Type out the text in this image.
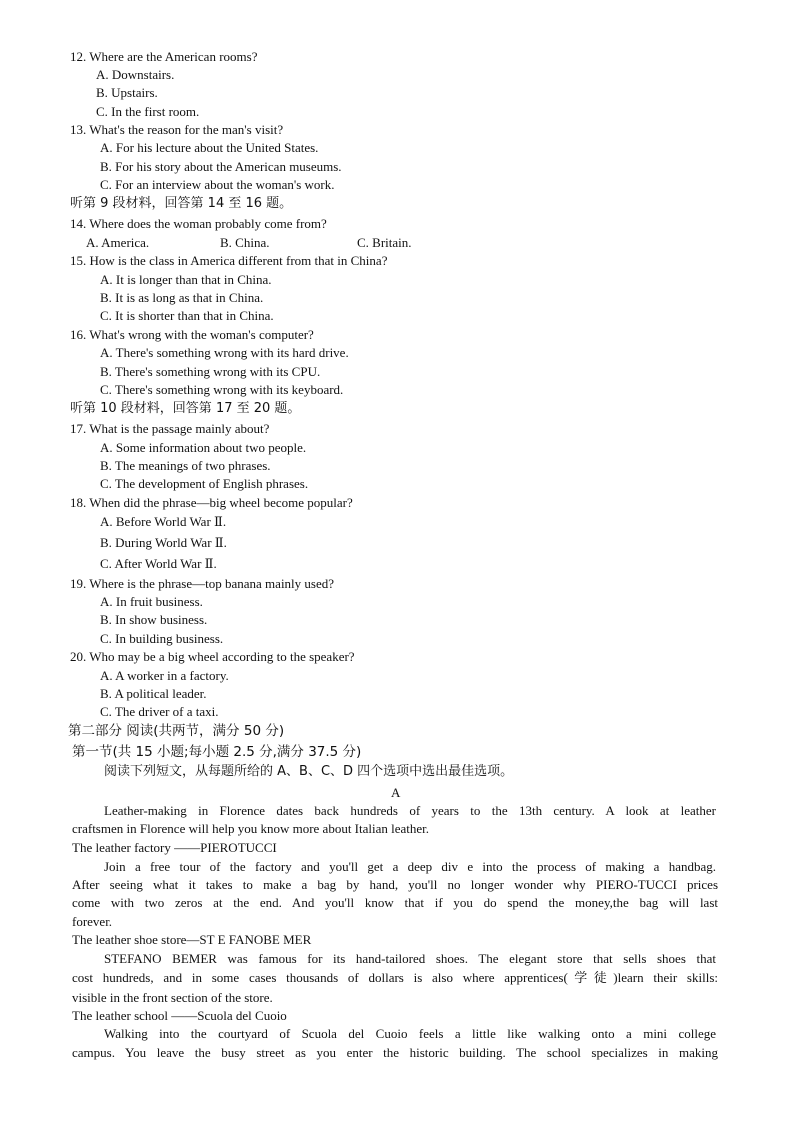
12. Where are the American rooms?
A. Downstairs.
B. Upstairs.
C. In the first room.
13. What's the reason for the man's visit?
A. For his lecture about the United States.
B. For his story about the American museums.
C. For an interview about the woman's work.
听第 9 段材料，回答第 14 至 16 题。
14. Where does the woman probably come from?
A. America.	B. China.	C. Britain.
15. How is the class in America different from that in China?
A. It is longer than that in China.
B. It is as long as that in China.
C. It is shorter than that in China.
16. What's wrong with the woman's computer?
A. There's something wrong with its hard drive.
B. There's something wrong with its CPU.
C. There's something wrong with its keyboard.
听第 10 段材料，回答第 17 至 20 题。
17. What is the passage mainly about?
A. Some information about two people.
B. The meanings of two phrases.
C. The development of English phrases.
18. When did the phrase—big wheel become popular?
A. Before World War Ⅱ.
B. During World War Ⅱ.
C. After World War Ⅱ.
19. Where is the phrase—top banana mainly used?
A. In fruit business.
B. In show business.
C. In building business.
20. Who may be a big wheel according to the speaker?
A. A worker in a factory.
B. A political leader.
C. The driver of a taxi.
第二部分 阅读(共两节，满分 50 分)
第一节(共 15 小题;每小题 2.5 分,满分 37.5 分)
阅读下列短文，从每题所给的 A、B、C、D 四个选项中选出最佳选项。
A
Leather-making in Florence dates back hundreds of years to the 13th century. A look at leather
craftsmen in Florence will help you know more about Italian leather.
The leather factory ——PIEROTUCCI
Join a free tour of the factory and you'll get a deep div e into the process of making a handbag.
After seeing what it takes to make a bag by hand, you'll no longer wonder why PIERO-TUCCI prices
come with two zeros at the end. And you'll know that if you do spend the money,the bag will last
forever.
The leather shoe store—ST E FANOBE MER
STEFANO BEMER was famous for its hand-tailored shoes. The elegant store that sells shoes that
cost hundreds, and in some cases thousands of dollars is also where apprentices(学徒)learn their skills:
visible in the front section of the store.
The leather school ——Scuola del Cuoio
Walking into the courtyard of Scuola del Cuoio feels a little like walking onto a mini college
campus. You leave the busy street as you enter the historic building. The school specializes in making
